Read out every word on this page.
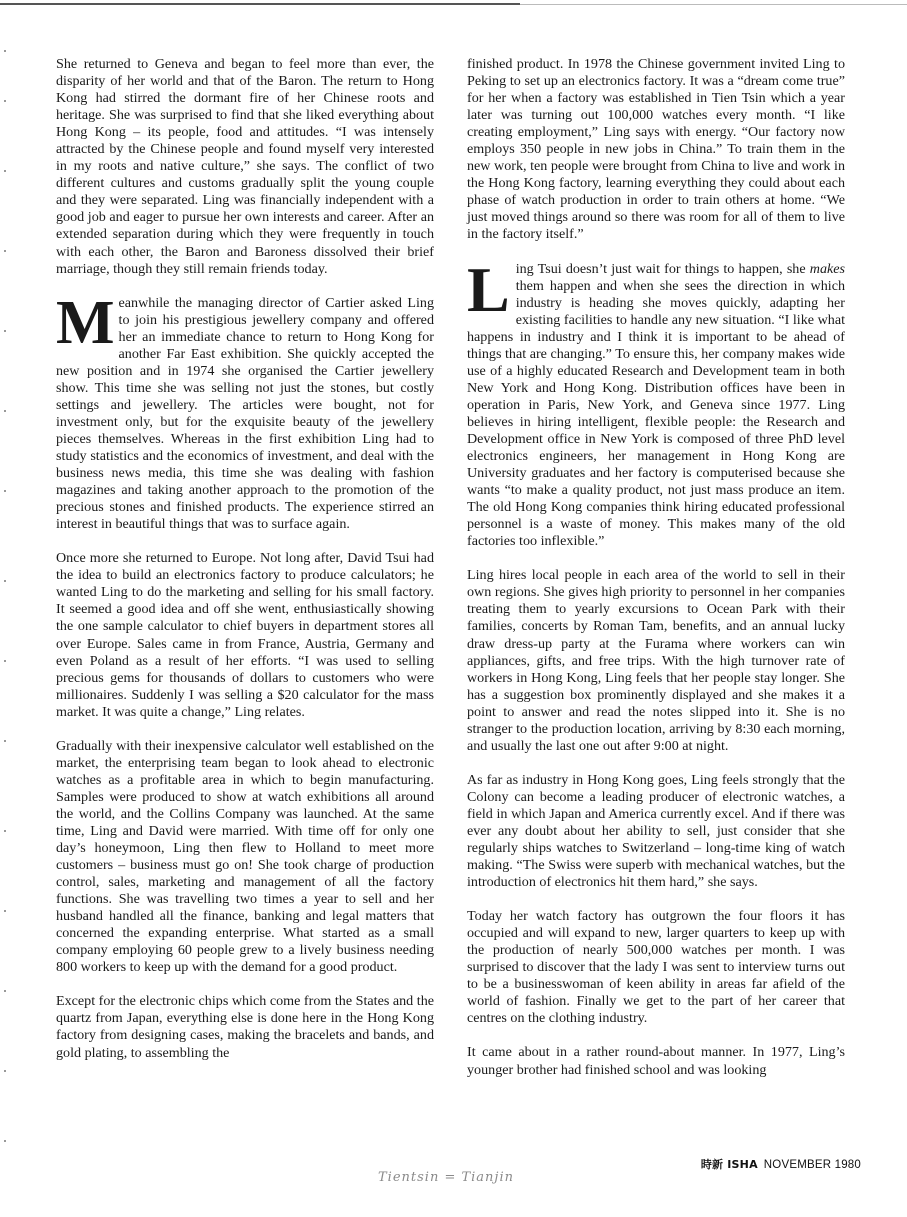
She returned to Geneva and began to feel more than ever, the disparity of her world and that of the Baron. The return to Hong Kong had stirred the dormant fire of her Chinese roots and heritage. She was surprised to find that she liked everything about Hong Kong – its people, food and attitudes. “I was intensely attracted by the Chinese people and found myself very interested in my roots and native culture,” she says. The conflict of two different cultures and customs gradually split the young couple and they were separated. Ling was financially independent with a good job and eager to pursue her own interests and career. After an extended separation during which they were frequently in touch with each other, the Baron and Baroness dissolved their brief marriage, though they still remain friends today.

Meanwhile the managing director of Cartier asked Ling to join his prestigious jewellery company and offered her an immediate chance to return to Hong Kong for another Far East exhibition. She quickly accepted the new position and in 1974 she organised the Cartier jewellery show. This time she was selling not just the stones, but costly settings and jewellery. The articles were bought, not for investment only, but for the exquisite beauty of the jewellery pieces themselves. Whereas in the first exhibition Ling had to study statistics and the economics of investment, and deal with the business news media, this time she was dealing with fashion magazines and taking another approach to the promotion of the precious stones and finished products. The experience stirred an interest in beautiful things that was to surface again.

Once more she returned to Europe. Not long after, David Tsui had the idea to build an electronics factory to produce calculators; he wanted Ling to do the marketing and selling for his small factory. It seemed a good idea and off she went, enthusiastically showing the one sample calculator to chief buyers in department stores all over Europe. Sales came in from France, Austria, Germany and even Poland as a result of her efforts. “I was used to selling precious gems for thousands of dollars to customers who were millionaires. Suddenly I was selling a $20 calculator for the mass market. It was quite a change,” Ling relates.

Gradually with their inexpensive calculator well established on the market, the enterprising team began to look ahead to electronic watches as a profitable area in which to begin manufacturing. Samples were produced to show at watch exhibitions all around the world, and the Collins Company was launched. At the same time, Ling and David were married. With time off for only one day’s honeymoon, Ling then flew to Holland to meet more customers – business must go on! She took charge of production control, sales, marketing and management of all the factory functions. She was travelling two times a year to sell and her husband handled all the finance, banking and legal matters that concerned the expanding enterprise. What started as a small company employing 60 people grew to a lively business needing 800 workers to keep up with the demand for a good product.

Except for the electronic chips which come from the States and the quartz from Japan, everything else is done here in the Hong Kong factory from designing cases, making the bracelets and bands, and gold plating, to assembling the

finished product. In 1978 the Chinese government invited Ling to Peking to set up an electronics factory. It was a “dream come true” for her when a factory was established in Tien Tsin which a year later was turning out 100,000 watches every month. “I like creating employment,” Ling says with energy. “Our factory now employs 350 people in new jobs in China.” To train them in the new work, ten people were brought from China to live and work in the Hong Kong factory, learning everything they could about each phase of watch production in order to train others at home. “We just moved things around so there was room for all of them to live in the factory itself.”

Ling Tsui doesn’t just wait for things to happen, she makes them happen and when she sees the direction in which industry is heading she moves quickly, adapting her existing facilities to handle any new situation. “I like what happens in industry and I think it is important to be ahead of things that are changing.” To ensure this, her company makes wide use of a highly educated Research and Development team in both New York and Hong Kong. Distribution offices have been in operation in Paris, New York, and Geneva since 1977. Ling believes in hiring intelligent, flexible people: the Research and Development office in New York is composed of three PhD level electronics engineers, her management in Hong Kong are University graduates and her factory is computerised because she wants “to make a quality product, not just mass produce an item. The old Hong Kong companies think hiring educated professional personnel is a waste of money. This makes many of the old factories too inflexible.”

Ling hires local people in each area of the world to sell in their own regions. She gives high priority to personnel in her companies treating them to yearly excursions to Ocean Park with their families, concerts by Roman Tam, benefits, and an annual lucky draw dress-up party at the Furama where workers can win appliances, gifts, and free trips. With the high turnover rate of workers in Hong Kong, Ling feels that her people stay longer. She has a suggestion box prominently displayed and she makes it a point to answer and read the notes slipped into it. She is no stranger to the production location, arriving by 8:30 each morning, and usually the last one out after 9:00 at night.

As far as industry in Hong Kong goes, Ling feels strongly that the Colony can become a leading producer of electronic watches, a field in which Japan and America currently excel. And if there was ever any doubt about her ability to sell, just consider that she regularly ships watches to Switzerland – long-time king of watch making. “The Swiss were superb with mechanical watches, but the introduction of electronics hit them hard,” she says.

Today her watch factory has outgrown the four floors it has occupied and will expand to new, larger quarters to keep up with the production of nearly 500,000 watches per month. I was surprised to discover that the lady I was sent to interview turns out to be a businesswoman of keen ability in areas far afield of the world of fashion. Finally we get to the part of her career that centres on the clothing industry.

It came about in a rather round-about manner. In 1977, Ling’s younger brother had finished school and was looking

時新 ISHA NOVEMBER 1980
Tientsin = Tianjin
